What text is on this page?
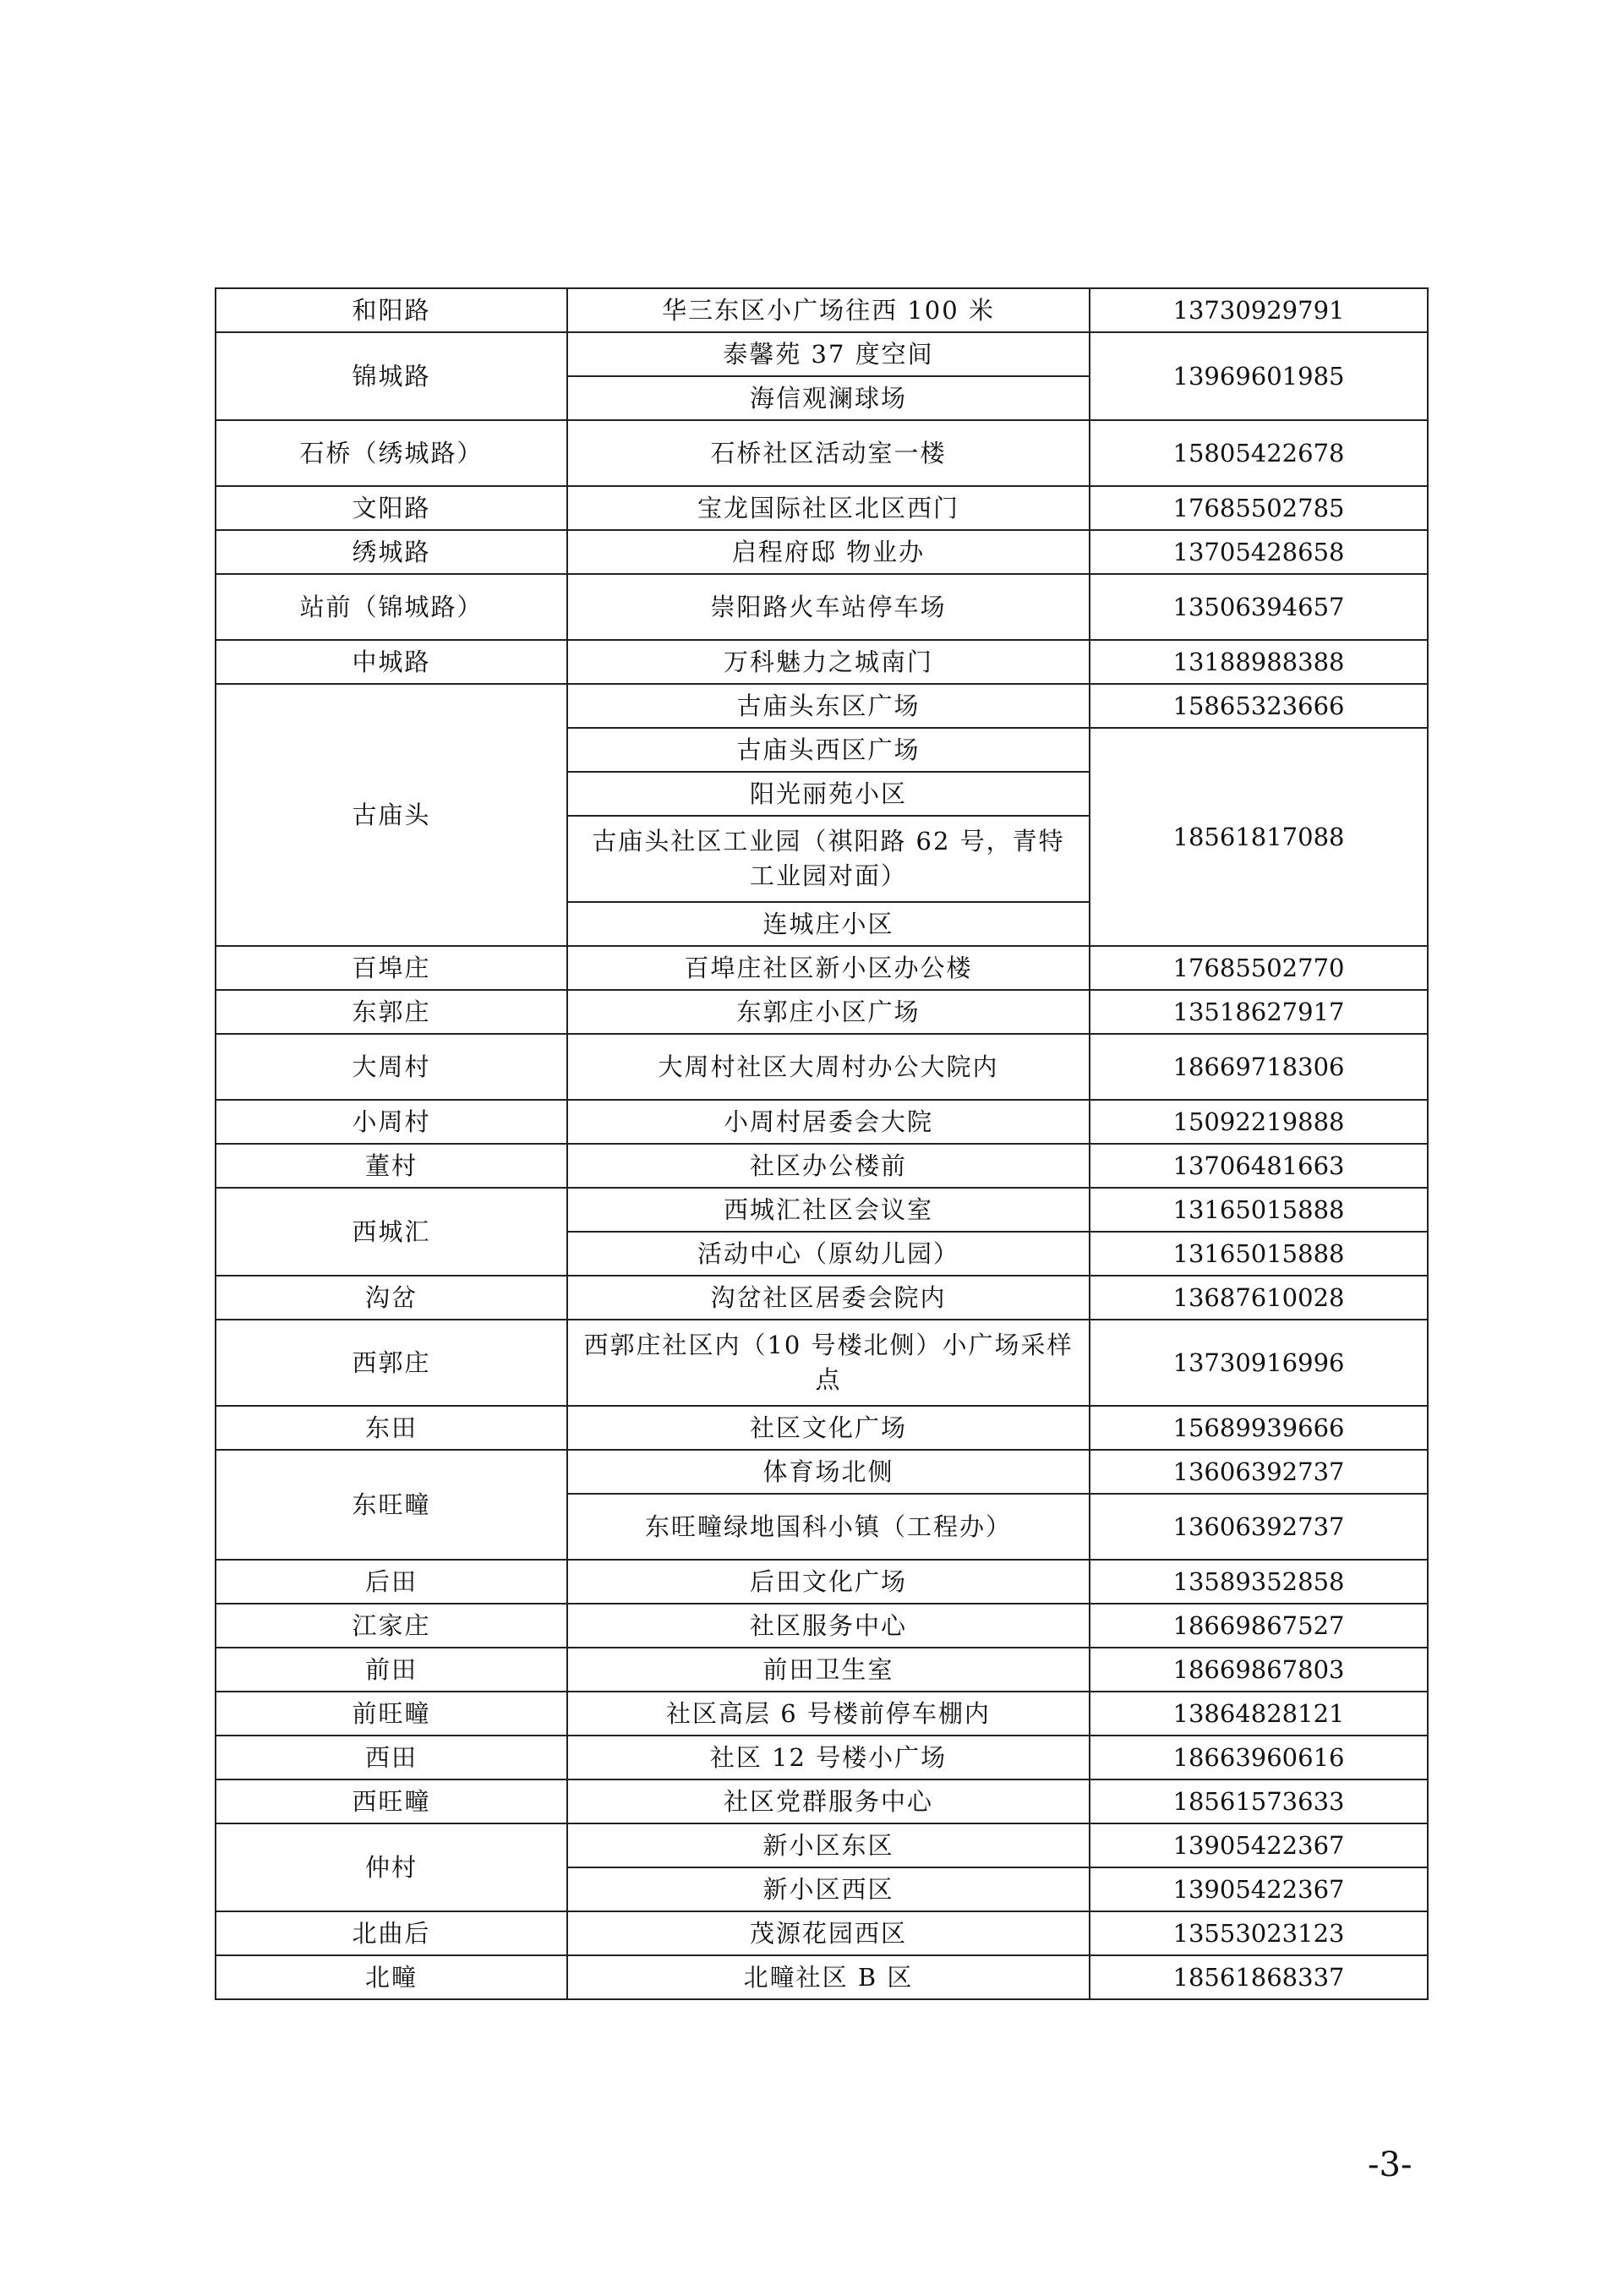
和阳路	华三东区小广场往西 100 米	13730929791
锦城路	泰馨苑 37 度空间	13969601985
	海信观澜球场	
石桥（绣城路）	石桥社区活动室一楼	15805422678
文阳路	宝龙国际社区北区西门	17685502785
绣城路	启程府邸 物业办	13705428658
站前（锦城路）	崇阳路火车站停车场	13506394657
中城路	万科魅力之城南门	13188988388
古庙头	古庙头东区广场	15865323666
	古庙头西区广场	18561817088
	阳光丽苑小区	
	古庙头社区工业园（祺阳路 62 号，青特工业园对面）	
	连城庄小区	
百埠庄	百埠庄社区新小区办公楼	17685502770
东郭庄	东郭庄小区广场	13518627917
大周村	大周村社区大周村办公大院内	18669718306
小周村	小周村居委会大院	15092219888
董村	社区办公楼前	13706481663
西城汇	西城汇社区会议室	13165015888
	活动中心（原幼儿园）	13165015888
沟岔	沟岔社区居委会院内	13687610028
西郭庄	西郭庄社区内（10 号楼北侧）小广场采样点	13730916996
东田	社区文化广场	15689939666
东旺疃	体育场北侧	13606392737
	东旺疃绿地国科小镇（工程办）	13606392737
后田	后田文化广场	13589352858
江家庄	社区服务中心	18669867527
前田	前田卫生室	18669867803
前旺疃	社区高层 6 号楼前停车棚内	13864828121
西田	社区 12 号楼小广场	18663960616
西旺疃	社区党群服务中心	18561573633
仲村	新小区东区	13905422367
	新小区西区	13905422367
北曲后	茂源花园西区	13553023123
北疃	北疃社区 B 区	18561868337
-3-
